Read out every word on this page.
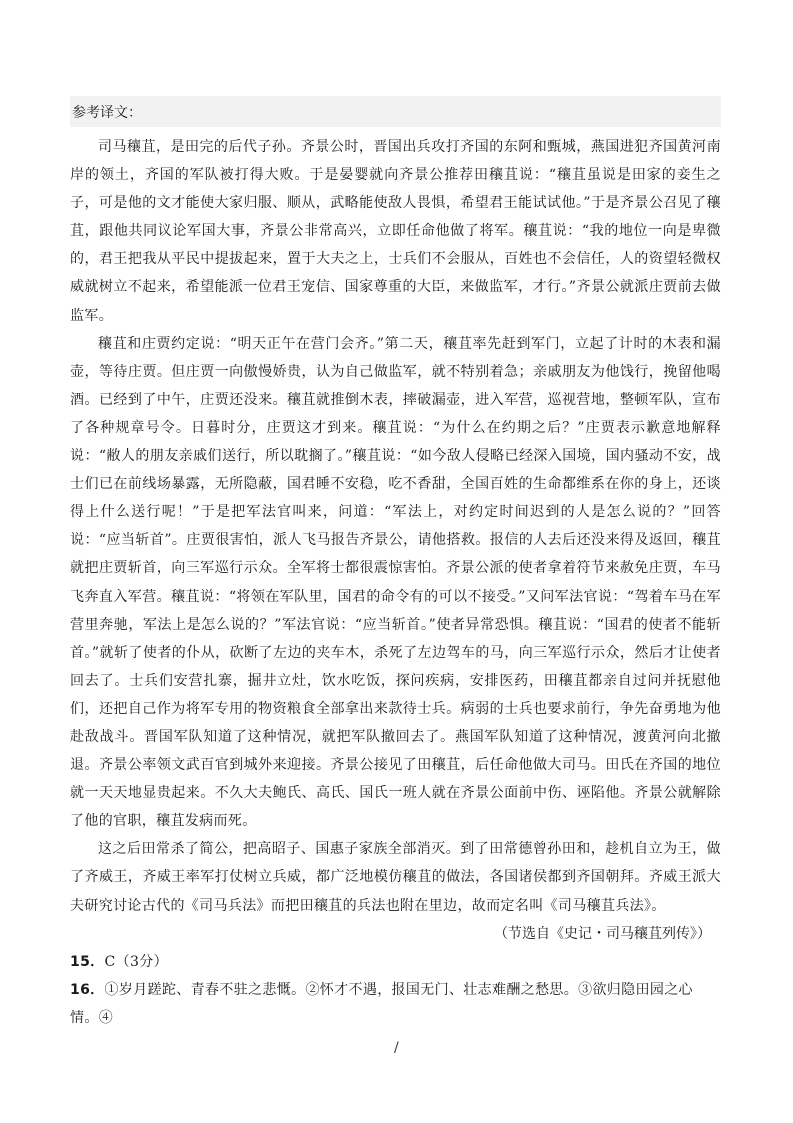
参考译文：

司马穰苴，是田完的后代子孙。齐景公时，晋国出兵攻打齐国的东阿和甄城，燕国进犯齐国黄河南岸的领土，齐国的军队被打得大败。于是晏婴就向齐景公推荐田穰苴说：“穰苴虽说是田家的妾生之子，可是他的文才能使大家归服、顺从，武略能使敌人畏惧，希望君王能试试他。”于是齐景公召见了穰苴，跟他共同议论军国大事，齐景公非常高兴，立即任命他做了将军。穰苴说：“我的地位一向是卑微的，君王把我从平民中提拔起来，置于大夫之上，士兵们不会服从，百姓也不会信任，人的资望轻微权威就树立不起来，希望能派一位君王宠信、国家尊重的大臣，来做监军，才行。”齐景公就派庄贾前去做监军。

穰苴和庄贾约定说：“明天正午在营门会齐。”第二天，穰苴率先赶到军门，立起了计时的木表和漏壶，等待庄贾。但庄贾一向傲慢娇贵，认为自己做监军，就不特别着急；亲戚朋友为他饯行，挽留他喝酒。已经到了中午，庄贾还没来。穰苴就推倒木表，摔破漏壶，进入军营，巡视营地，整顿军队，宣布了各种规章号令。日暮时分，庄贾这才到来。穰苴说：“为什么在约期之后？”庄贾表示歉意地解释说：“敝人的朋友亲戚们送行，所以耽搁了。”穰苴说：“如今敌人侵略已经深入国境，国内骚动不安，战士们已在前线场暴露，无所隐蔽，国君睡不安稳，吃不香甜，全国百姓的生命都维系在你的身上，还谈得上什么送行呢！”于是把军法官叫来，问道：“军法上，对约定时间迟到的人是怎么说的？”回答说：“应当斩首”。庄贾很害怕，派人飞马报告齐景公，请他搭救。报信的人去后还没来得及返回，穰苴就把庄贾斩首，向三军巡行示众。全军将士都很震惊害怕。齐景公派的使者拿着符节来赦免庄贾，车马飞奔直入军营。穰苴说：“将领在军队里，国君的命令有的可以不接受。”又问军法官说：“驾着车马在军营里奔驰，军法上是怎么说的？”军法官说：“应当斩首。”使者异常恐惧。穰苴说：“国君的使者不能斩首。”就斩了使者的仆从，砍断了左边的夹车木，杀死了左边驾车的马，向三军巡行示众，然后才让使者回去了。士兵们安营扎寨，掘井立灶，饮水吃饭，探问疾病，安排医药，田穰苴都亲自过问并抚慰他们，还把自己作为将军专用的物资粮食全部拿出来款待士兵。病弱的士兵也要求前行，争先奋勇地为他赴敌战斗。晋国军队知道了这种情况，就把军队撤回去了。燕国军队知道了这种情况，渡黄河向北撤退。齐景公率领文武百官到城外来迎接。齐景公接见了田穰苴，后任命他做大司马。田氏在齐国的地位就一天天地显贵起来。不久大夫鲍氏、高氏、国氏一班人就在齐景公面前中伤、诬陷他。齐景公就解除了他的官职，穰苴发病而死。

这之后田常杀了简公，把高昭子、国惠子家族全部消灭。到了田常德曾孙田和，趁机自立为王，做了齐威王，齐威王率军打仗树立兵威，都广泛地模仿穰苴的做法，各国诸侯都到齐国朝拜。齐威王派大夫研究讨论古代的《司马兵法》而把田穰苴的兵法也附在里边，故而定名叫《司马穰苴兵法》。

（节选自《史记・司马穰苴列传》）

15．C（3分）

16．①岁月蹉跎、青春不驻之悲慨。②怀才不遇，报国无门、壮志难酬之愁思。③欲归隐田园之心情。④

/
